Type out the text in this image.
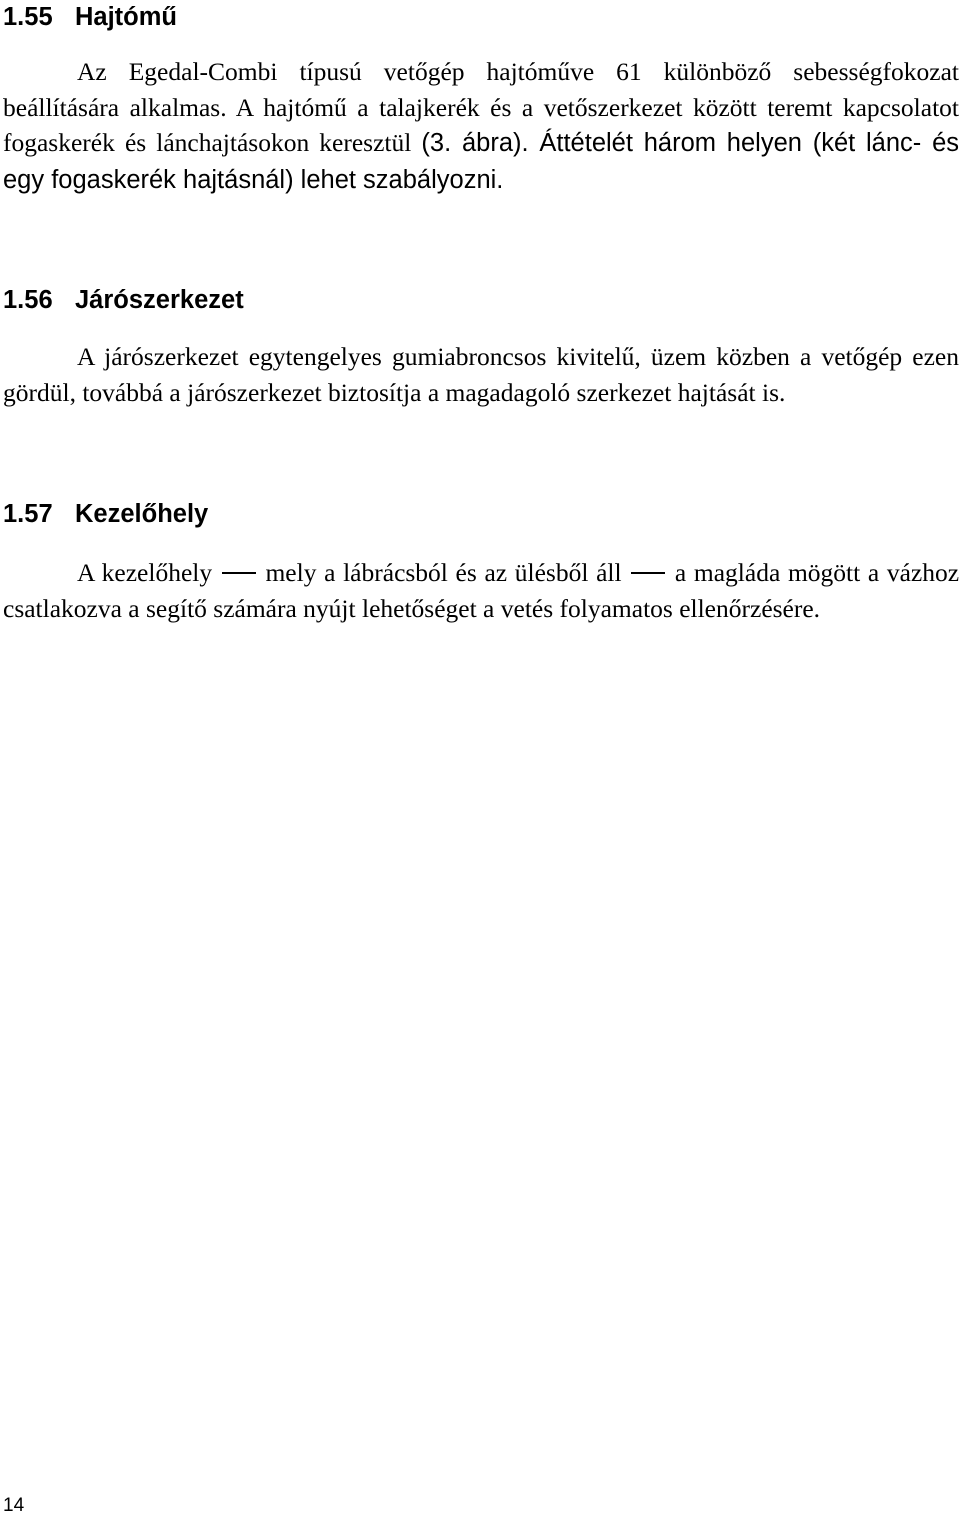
1.55 Hajtómű

Az Egedal-Combi típusú vetőgép hajtóműve 61 különböző sebességfokozat beállítására alkalmas. A hajtómű a talajkerék és a vetőszerkezet között teremt kapcsolatot fogaskerék és lánchajtásokon keresztül (3. ábra). Áttételét három helyen (két lánc- és egy fogaskerék hajtásnál) lehet szabályozni.

1.56 Járószerkezet

A járószerkezet egytengelyes gumiabroncsos kivitelű, üzem közben a vetőgép ezen gördül, továbbá a járószerkezet biztosítja a magadagoló szerkezet hajtását is.

1.57 Kezelőhely

A kezelőhely mely a lábrácsból és az ülésből áll a magláda mögött a vázhoz csatlakozva a segítő számára nyújt lehetőséget a vetés folyamatos ellenőrzésére.

14
